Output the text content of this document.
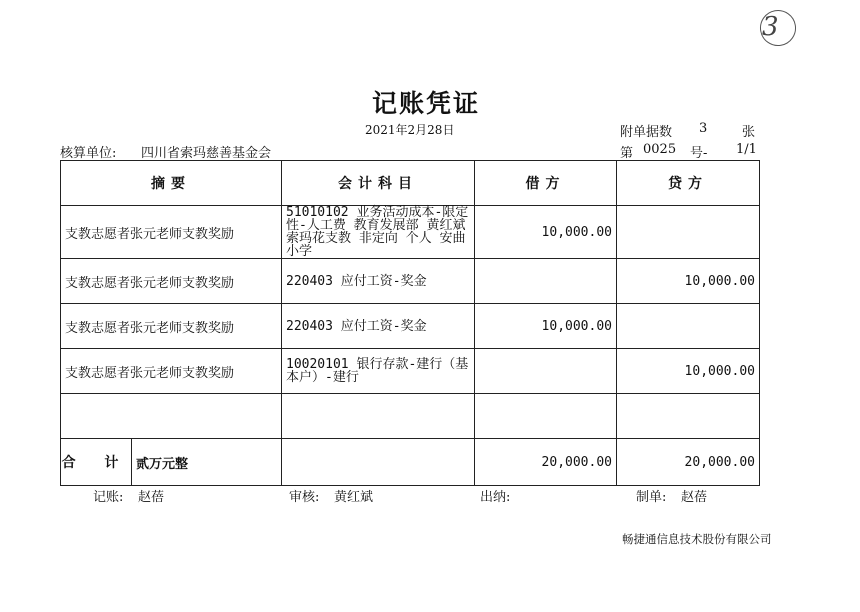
3
记账凭证
2021年2月28日
核算单位: 四川省索玛慈善基金会
附单据数 3	张
第 0025 号- 1/1
摘要	会计科目	借方	贷方
支教志愿者张元老师支教奖励	51010102 业务活动成本-限定性-人工费 教育发展部 黄红斌 索玛花支教 非定向 个人 安曲小学	10,000.00	
支教志愿者张元老师支教奖励	220403 应付工资-奖金		10,000.00
支教志愿者张元老师支教奖励	220403 应付工资-奖金	10,000.00	
支教志愿者张元老师支教奖励	10020101 银行存款-建行（基本户）-建行		10,000.00

合 计 贰万元整		20,000.00	20,000.00
记账: 赵蓓	审核: 黄红斌	出纳:	制单: 赵蓓
畅捷通信息技术股份有限公司
